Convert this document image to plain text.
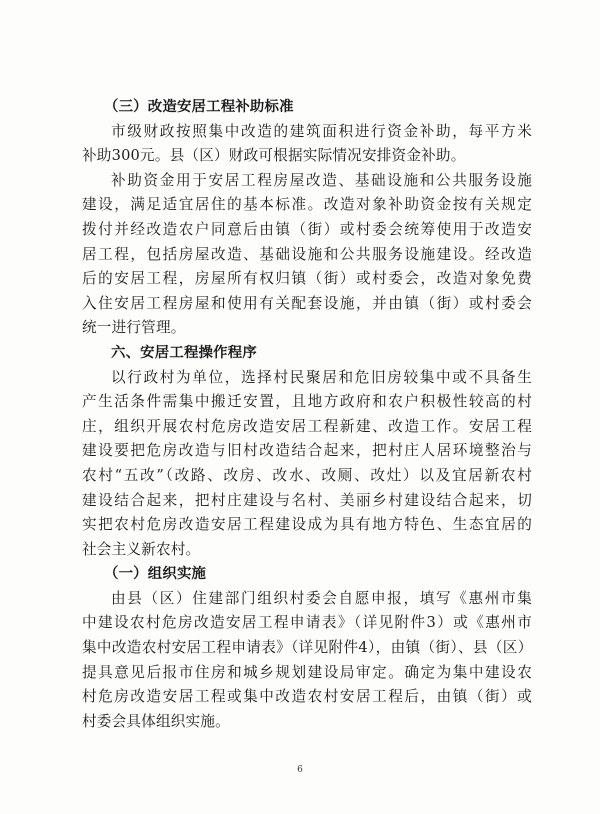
（三）改造安居工程补助标准
市级财政按照集中改造的建筑面积进行资金补助，每平方米
补助300元。县（区）财政可根据实际情况安排资金补助。
补助资金用于安居工程房屋改造、基础设施和公共服务设施
建设，满足适宜居住的基本标准。改造对象补助资金按有关规定
拨付并经改造农户同意后由镇（街）或村委会统筹使用于改造安
居工程，包括房屋改造、基础设施和公共服务设施建设。经改造
后的安居工程，房屋所有权归镇（街）或村委会，改造对象免费
入住安居工程房屋和使用有关配套设施，并由镇（街）或村委会
统一进行管理。
六、安居工程操作程序
以行政村为单位，选择村民聚居和危旧房较集中或不具备生
产生活条件需集中搬迁安置，且地方政府和农户积极性较高的村
庄，组织开展农村危房改造安居工程新建、改造工作。安居工程
建设要把危房改造与旧村改造结合起来，把村庄人居环境整治与
农村“五改”（改路、改房、改水、改厕、改灶）以及宜居新农村
建设结合起来，把村庄建设与名村、美丽乡村建设结合起来，切
实把农村危房改造安居工程建设成为具有地方特色、生态宜居的
社会主义新农村。
（一）组织实施
由县（区）住建部门组织村委会自愿申报，填写《惠州市集
中建设农村危房改造安居工程申请表》（详见附件3）或《惠州市
集中改造农村安居工程申请表》（详见附件4），由镇（街）、县（区）
提具意见后报市住房和城乡规划建设局审定。确定为集中建设农
村危房改造安居工程或集中改造农村安居工程后，由镇（街）或
村委会具体组织实施。
6
